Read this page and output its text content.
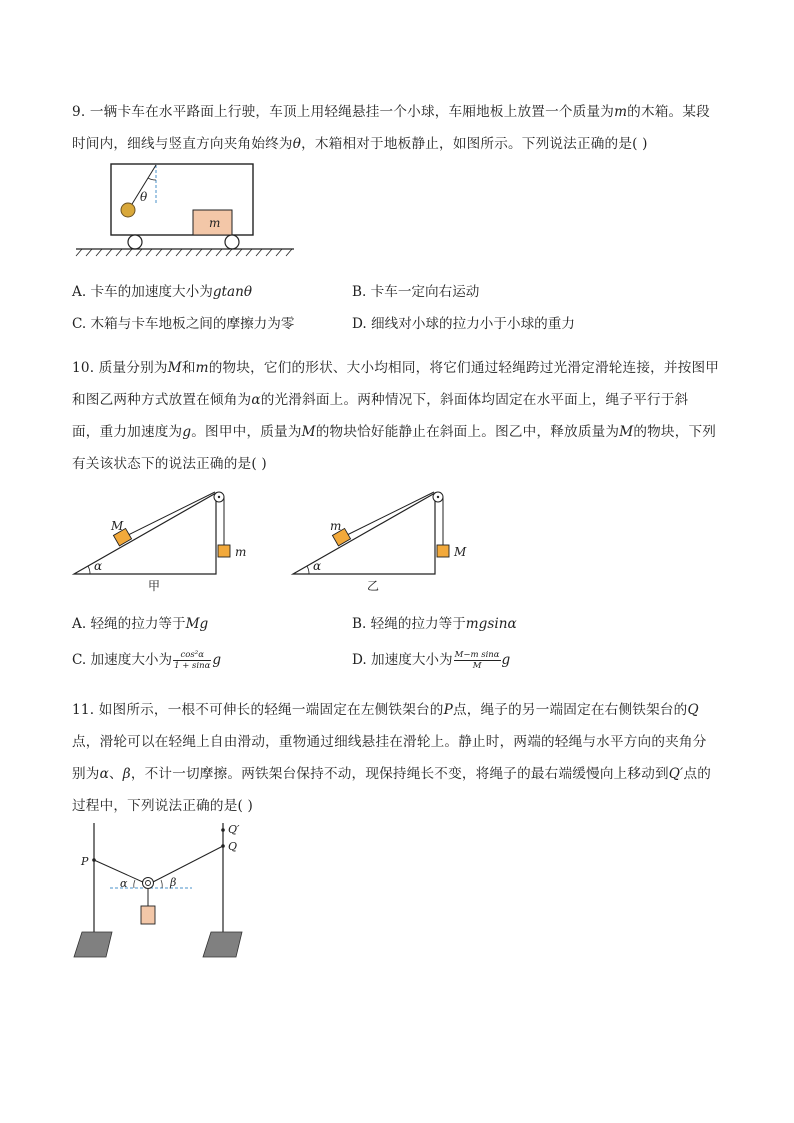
9. 一辆卡车在水平路面上行驶，车顶上用轻绳悬挂一个小球，车厢地板上放置一个质量为m的木箱。某段
时间内，细线与竖直方向夹角始终为θ，木箱相对于地板静止，如图所示。下列说法正确的是( )
θ
m
A. 卡车的加速度大小为gtanθ	B. 卡车一定向右运动
C. 木箱与卡车地板之间的摩擦力为零	D. 细线对小球的拉力小于小球的重力
10. 质量分别为M和m的物块，它们的形状、大小均相同，将它们通过轻绳跨过光滑定滑轮连接，并按图甲
和图乙两种方式放置在倾角为α的光滑斜面上。两种情况下，斜面体均固定在水平面上，绳子平行于斜
面，重力加速度为g。图甲中，质量为M的物块恰好能静止在斜面上。图乙中，释放质量为M的物块，下列
有关该状态下的说法正确的是( )
M
m
α
甲
m
M
α
乙
A. 轻绳的拉力等于Mg	B. 轻绳的拉力等于mgsinα
C. 加速度大小为 $\frac{\text{cos²α}}{1 + \sin\alpha}$ g	D. 加速度大小为 $\frac{\text{M−m sinα}}{M}$ g
11. 如图所示，一根不可伸长的轻绳一端固定在左侧铁架台的P点，绳子的另一端固定在右侧铁架台的Q
点，滑轮可以在轻绳上自由滑动，重物通过细线悬挂在滑轮上。静止时，两端的轻绳与水平方向的夹角分
别为α、β，不计一切摩擦。两铁架台保持不动，现保持绳长不变，将绳子的最右端缓慢向上移动到Q′点的
过程中，下列说法正确的是( )
P
Q′
Q
α	β
